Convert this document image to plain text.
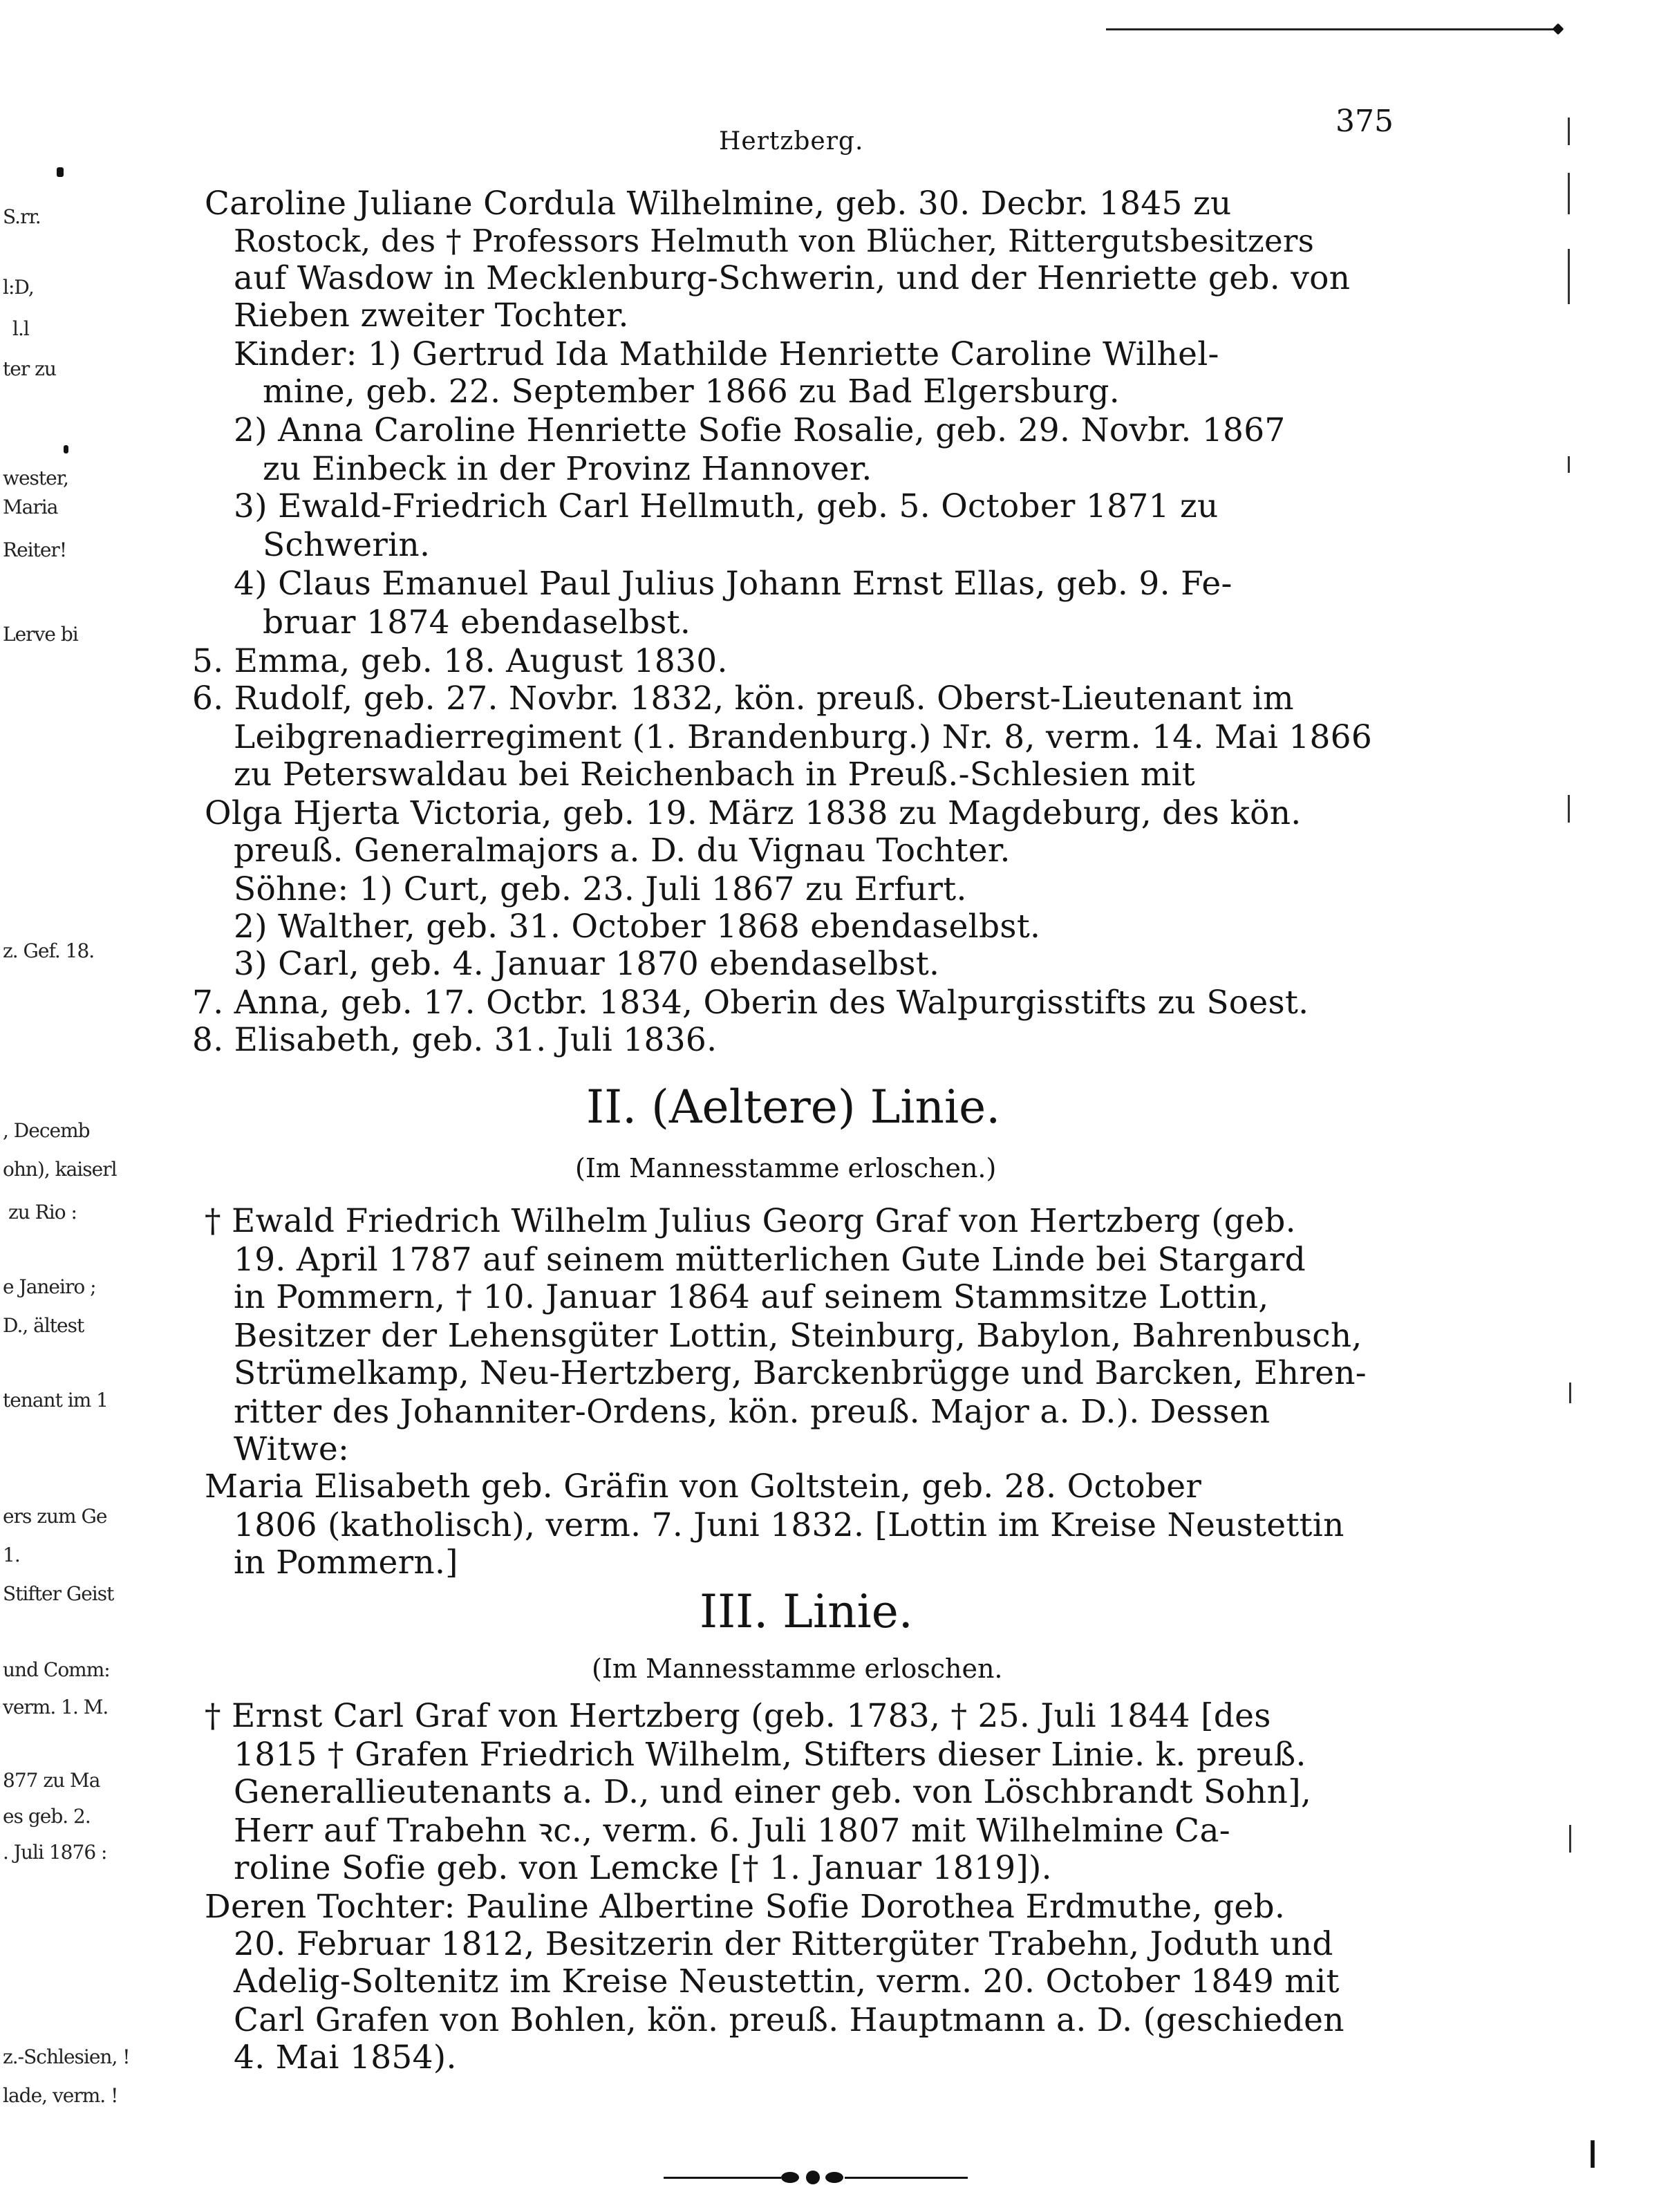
S.rr.
l:D,
l.l
ter zu
wester,
Maria
Reiter!
Lerve bi
z. Gef. 18.
, Decemb
ohn), kaiserl
zu Rio :
e Janeiro ;
D., ältest
tenant im 1
ers zum Ge
1.
Stifter Geist
und Comm:
verm. 1. M.
877 zu Ma
es geb. 2.
. Juli 1876 :
z.-Schlesien, !
lade, verm. !
ǀ
Hertzberg.
375
Caroline Juliane Cordula Wilhelmine, geb. 30. Decbr. 1845 zu
Rostock, des † Professors Helmuth von Blücher, Rittergutsbesitzers
auf Wasdow in Mecklenburg-Schwerin, und der Henriette geb. von
Rieben zweiter Tochter.
Kinder: 1) Gertrud Ida Mathilde Henriette Caroline Wilhel-
mine, geb. 22. September 1866 zu Bad Elgersburg.
2) Anna Caroline Henriette Sofie Rosalie, geb. 29. Novbr. 1867
zu Einbeck in der Provinz Hannover.
3) Ewald-Friedrich Carl Hellmuth, geb. 5. October 1871 zu
Schwerin.
4) Claus Emanuel Paul Julius Johann Ernst Ellas, geb. 9. Fe-
bruar 1874 ebendaselbst.
5. Emma, geb. 18. August 1830.
6. Rudolf, geb. 27. Novbr. 1832, kön. preuß. Oberst-Lieutenant im
Leibgrenadierregiment (1. Brandenburg.) Nr. 8, verm. 14. Mai 1866
zu Peterswaldau bei Reichenbach in Preuß.-Schlesien mit
Olga Hjerta Victoria, geb. 19. März 1838 zu Magdeburg, des kön.
preuß. Generalmajors a. D. du Vignau Tochter.
Söhne: 1) Curt, geb. 23. Juli 1867 zu Erfurt.
2) Walther, geb. 31. October 1868 ebendaselbst.
3) Carl, geb. 4. Januar 1870 ebendaselbst.
7. Anna, geb. 17. Octbr. 1834, Oberin des Walpurgisstifts zu Soest.
8. Elisabeth, geb. 31. Juli 1836.
II. (Aeltere) Linie.
(Im Mannesstamme erloschen.)
† Ewald Friedrich Wilhelm Julius Georg Graf von Hertzberg (geb.
19. April 1787 auf seinem mütterlichen Gute Linde bei Stargard
in Pommern, † 10. Januar 1864 auf seinem Stammsitze Lottin,
Besitzer der Lehensgüter Lottin, Steinburg, Babylon, Bahrenbusch,
Strümelkamp, Neu-Hertzberg, Barckenbrügge und Barcken, Ehren-
ritter des Johanniter-Ordens, kön. preuß. Major a. D.). Dessen
Witwe:
Maria Elisabeth geb. Gräfin von Goltstein, geb. 28. October
1806 (katholisch), verm. 7. Juni 1832. [Lottin im Kreise Neustettin
in Pommern.]
III. Linie.
(Im Mannesstamme erloschen.
† Ernst Carl Graf von Hertzberg (geb. 1783, † 25. Juli 1844 [des
1815 † Grafen Friedrich Wilhelm, Stifters dieser Linie. k. preuß.
Generallieutenants a. D., und einer geb. von Löschbrandt Sohn],
Herr auf Trabehn ꝛc., verm. 6. Juli 1807 mit Wilhelmine Ca-
roline Sofie geb. von Lemcke [† 1. Januar 1819]).
Deren Tochter: Pauline Albertine Sofie Dorothea Erdmuthe, geb.
20. Februar 1812, Besitzerin der Rittergüter Trabehn, Joduth und
Adelig-Soltenitz im Kreise Neustettin, verm. 20. October 1849 mit
Carl Grafen von Bohlen, kön. preuß. Hauptmann a. D. (geschieden
4. Mai 1854).
